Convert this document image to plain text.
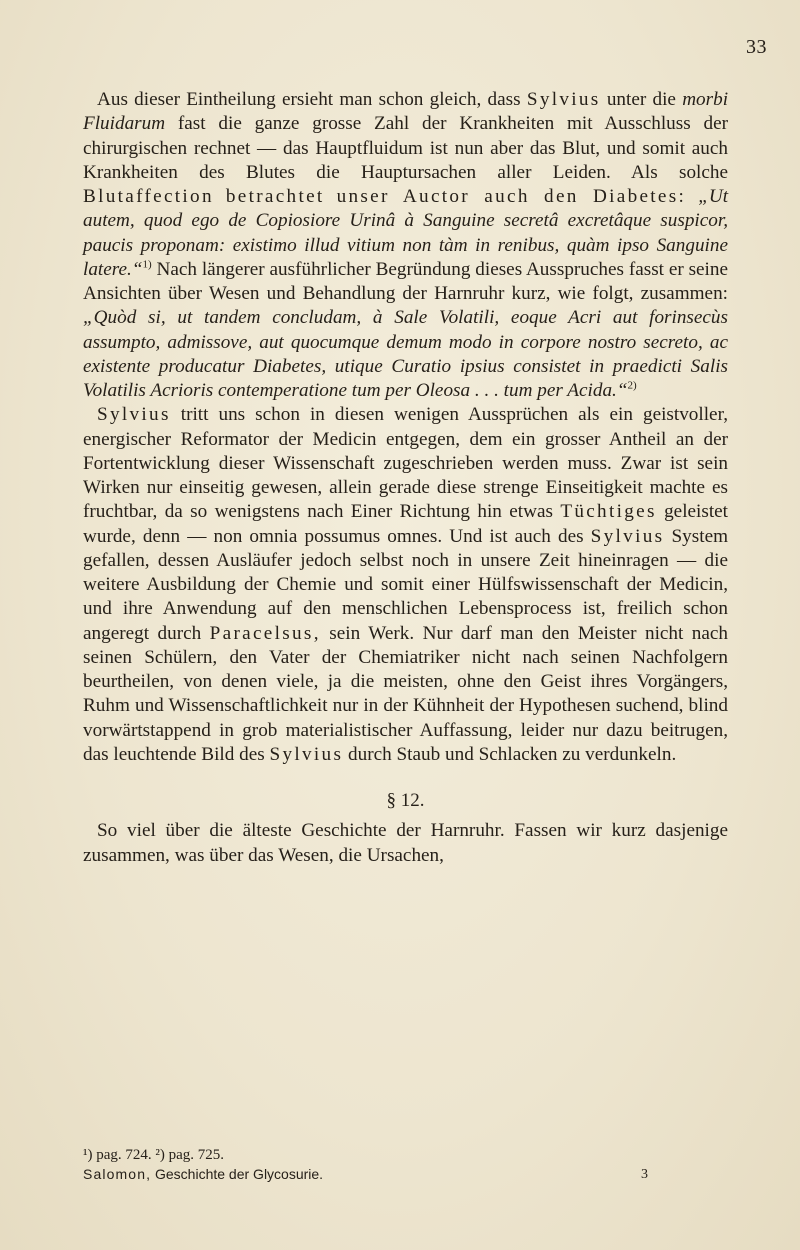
33

Aus dieser Eintheilung ersieht man schon gleich, dass Sylvius unter die morbi Fluidarum fast die ganze grosse Zahl der Krankheiten mit Ausschluss der chirurgischen rechnet — das Hauptfluidum ist nun aber das Blut, und somit auch Krankheiten des Blutes die Hauptursachen aller Leiden. Als solche Blutaffection betrachtet unser Auctor auch den Diabetes: „Ut autem, quod ego de Copiosiore Urinâ à Sanguine secretâ excretâque suspicor, paucis proponam: existimo illud vitium non tàm in renibus, quàm ipso Sanguine latere.“$^{1)}$ Nach längerer ausführlicher Begründung dieses Ausspruches fasst er seine Ansichten über Wesen und Behandlung der Harnruhr kurz, wie folgt, zusammen: „Quòd si, ut tandem concludam, à Sale Volatili, eoque Acri aut forinsecùs assumpto, admissove, aut quocumque demum modo in corpore nostro secreto, ac existente producatur Diabetes, utique Curatio ipsius consistet in praedicti Salis Volatilis Acrioris contemperatione tum per Oleosa . . . tum per Acida.“$^{2)}$

Sylvius tritt uns schon in diesen wenigen Aussprüchen als ein geistvoller, energischer Reformator der Medicin entgegen, dem ein grosser Antheil an der Fortentwicklung dieser Wissenschaft zugeschrieben werden muss. Zwar ist sein Wirken nur einseitig gewesen, allein gerade diese strenge Einseitigkeit machte es fruchtbar, da so wenigstens nach Einer Richtung hin etwas Tüchtiges geleistet wurde, denn — non omnia possumus omnes. Und ist auch des Sylvius System gefallen, dessen Ausläufer jedoch selbst noch in unsere Zeit hineinragen — die weitere Ausbildung der Chemie und somit einer Hülfswissenschaft der Medicin, und ihre Anwendung auf den menschlichen Lebensprocess ist, freilich schon angeregt durch Paracelsus, sein Werk. Nur darf man den Meister nicht nach seinen Schülern, den Vater der Chemiatriker nicht nach seinen Nachfolgern beurtheilen, von denen viele, ja die meisten, ohne den Geist ihres Vorgängers, Ruhm und Wissenschaftlichkeit nur in der Kühnheit der Hypothesen suchend, blind vorwärtstappend in grob materialistischer Auffassung, leider nur dazu beitrugen, das leuchtende Bild des Sylvius durch Staub und Schlacken zu verdunkeln.

§ 12.

So viel über die älteste Geschichte der Harnruhr. Fassen wir kurz dasjenige zusammen, was über das Wesen, die Ursachen,

¹) pag. 724. ²) pag. 725.

Salomon, Geschichte der Glycosurie.	3
